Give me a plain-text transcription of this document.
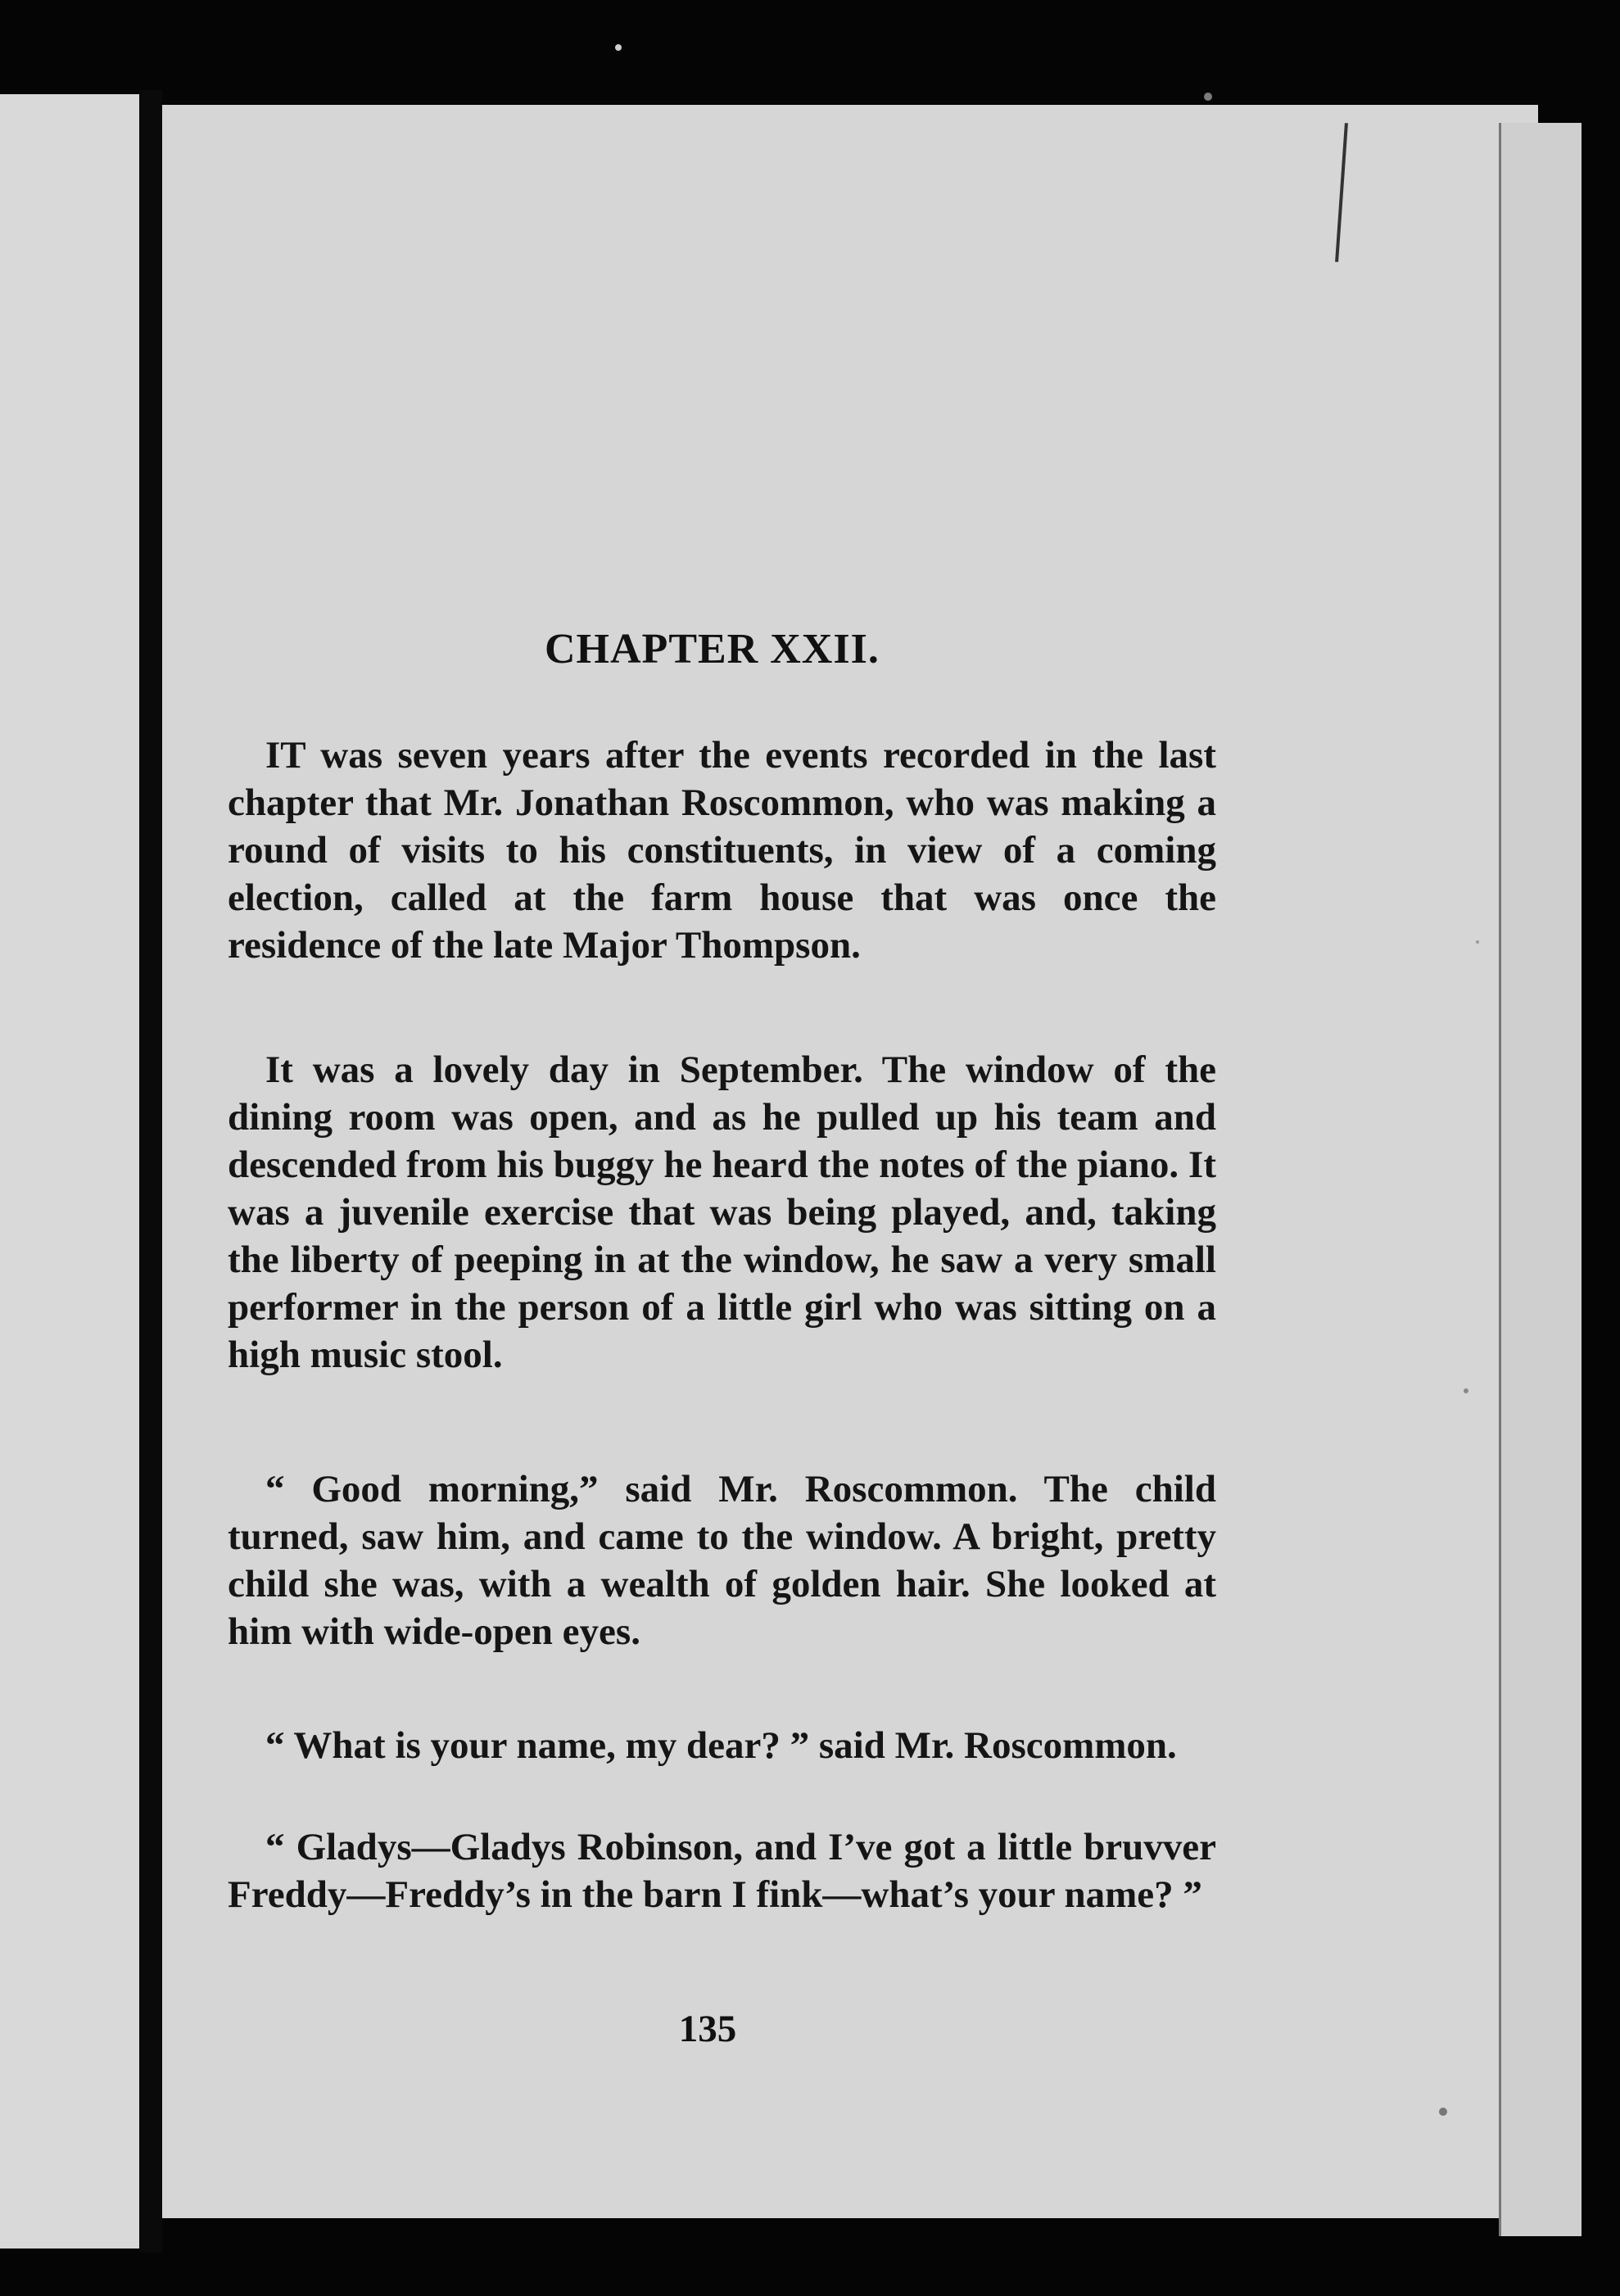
CHAPTER XXII.

IT was seven years after the events recorded in the last chapter that Mr. Jonathan Roscommon, who was making a round of visits to his constituents, in view of a coming election, called at the farm house that was once the residence of the late Major Thompson.

It was a lovely day in September. The window of the dining room was open, and as he pulled up his team and descended from his buggy he heard the notes of the piano. It was a juvenile exercise that was being played, and, taking the liberty of peeping in at the window, he saw a very small performer in the person of a little girl who was sitting on a high music stool.

“ Good morning,” said Mr. Roscommon. The child turned, saw him, and came to the window. A bright, pretty child she was, with a wealth of golden hair. She looked at him with wide-open eyes.

“ What is your name, my dear? ” said Mr. Roscommon.

“ Gladys—Gladys Robinson, and I’ve got a little bruvver Freddy—Freddy’s in the barn I fink—what’s your name? ”

135
